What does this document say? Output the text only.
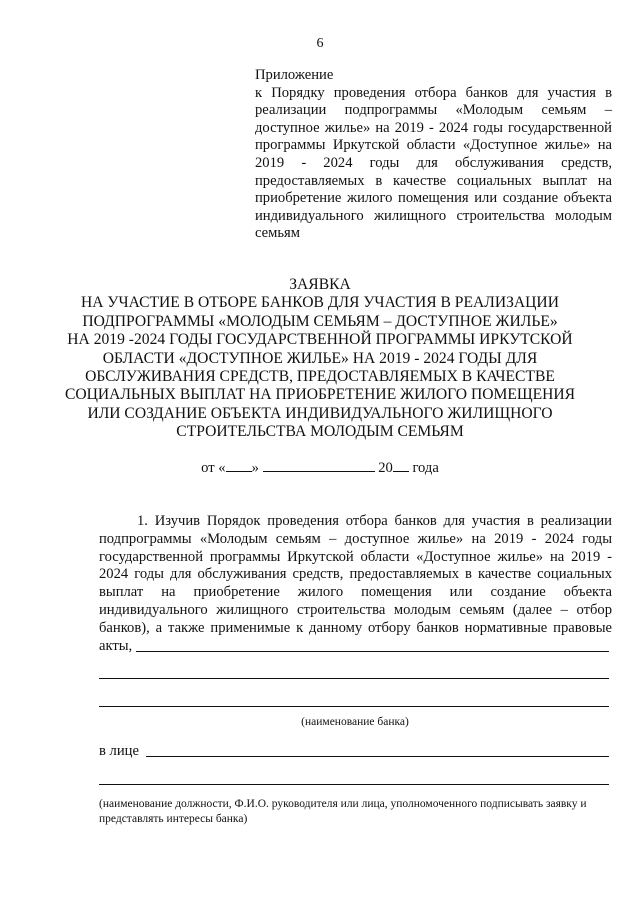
6
Приложение
к Порядку проведения отбора банков для участия в реализации подпрограммы «Молодым семьям – доступное жилье» на 2019 - 2024 годы государственной программы Иркутской области «Доступное жилье» на 2019 - 2024 годы для обслуживания средств, предоставляемых в качестве социальных выплат на приобретение жилого помещения или создание объекта индивидуального жилищного строительства молодым семьям
ЗАЯВКА
НА УЧАСТИЕ В ОТБОРЕ БАНКОВ ДЛЯ УЧАСТИЯ В РЕАЛИЗАЦИИ
ПОДПРОГРАММЫ «МОЛОДЫМ СЕМЬЯМ – ДОСТУПНОЕ ЖИЛЬЕ»
НА 2019 -2024 ГОДЫ ГОСУДАРСТВЕННОЙ ПРОГРАММЫ ИРКУТСКОЙ
ОБЛАСТИ «ДОСТУПНОЕ ЖИЛЬЕ» НА 2019 - 2024 ГОДЫ ДЛЯ
ОБСЛУЖИВАНИЯ СРЕДСТВ, ПРЕДОСТАВЛЯЕМЫХ В КАЧЕСТВЕ
СОЦИАЛЬНЫХ ВЫПЛАТ НА ПРИОБРЕТЕНИЕ ЖИЛОГО ПОМЕЩЕНИЯ
ИЛИ СОЗДАНИЕ ОБЪЕКТА ИНДИВИДУАЛЬНОГО ЖИЛИЩНОГО
СТРОИТЕЛЬСТВА МОЛОДЫМ СЕМЬЯМ
от « »	20 года
1. Изучив Порядок проведения отбора банков для участия в реализации подпрограммы «Молодым семьям – доступное жилье» на 2019 - 2024 годы государственной программы Иркутской области «Доступное жилье» на 2019 - 2024 годы для обслуживания средств, предоставляемых в качестве социальных выплат на приобретение жилого помещения или создание объекта индивидуального жилищного строительства молодым семьям (далее – отбор банков), а также применимые к данному отбору банков нормативные правовые акты,
(наименование банка)
в лице
(наименование должности, Ф.И.О. руководителя или лица, уполномоченного подписывать заявку и представлять интересы банка)
